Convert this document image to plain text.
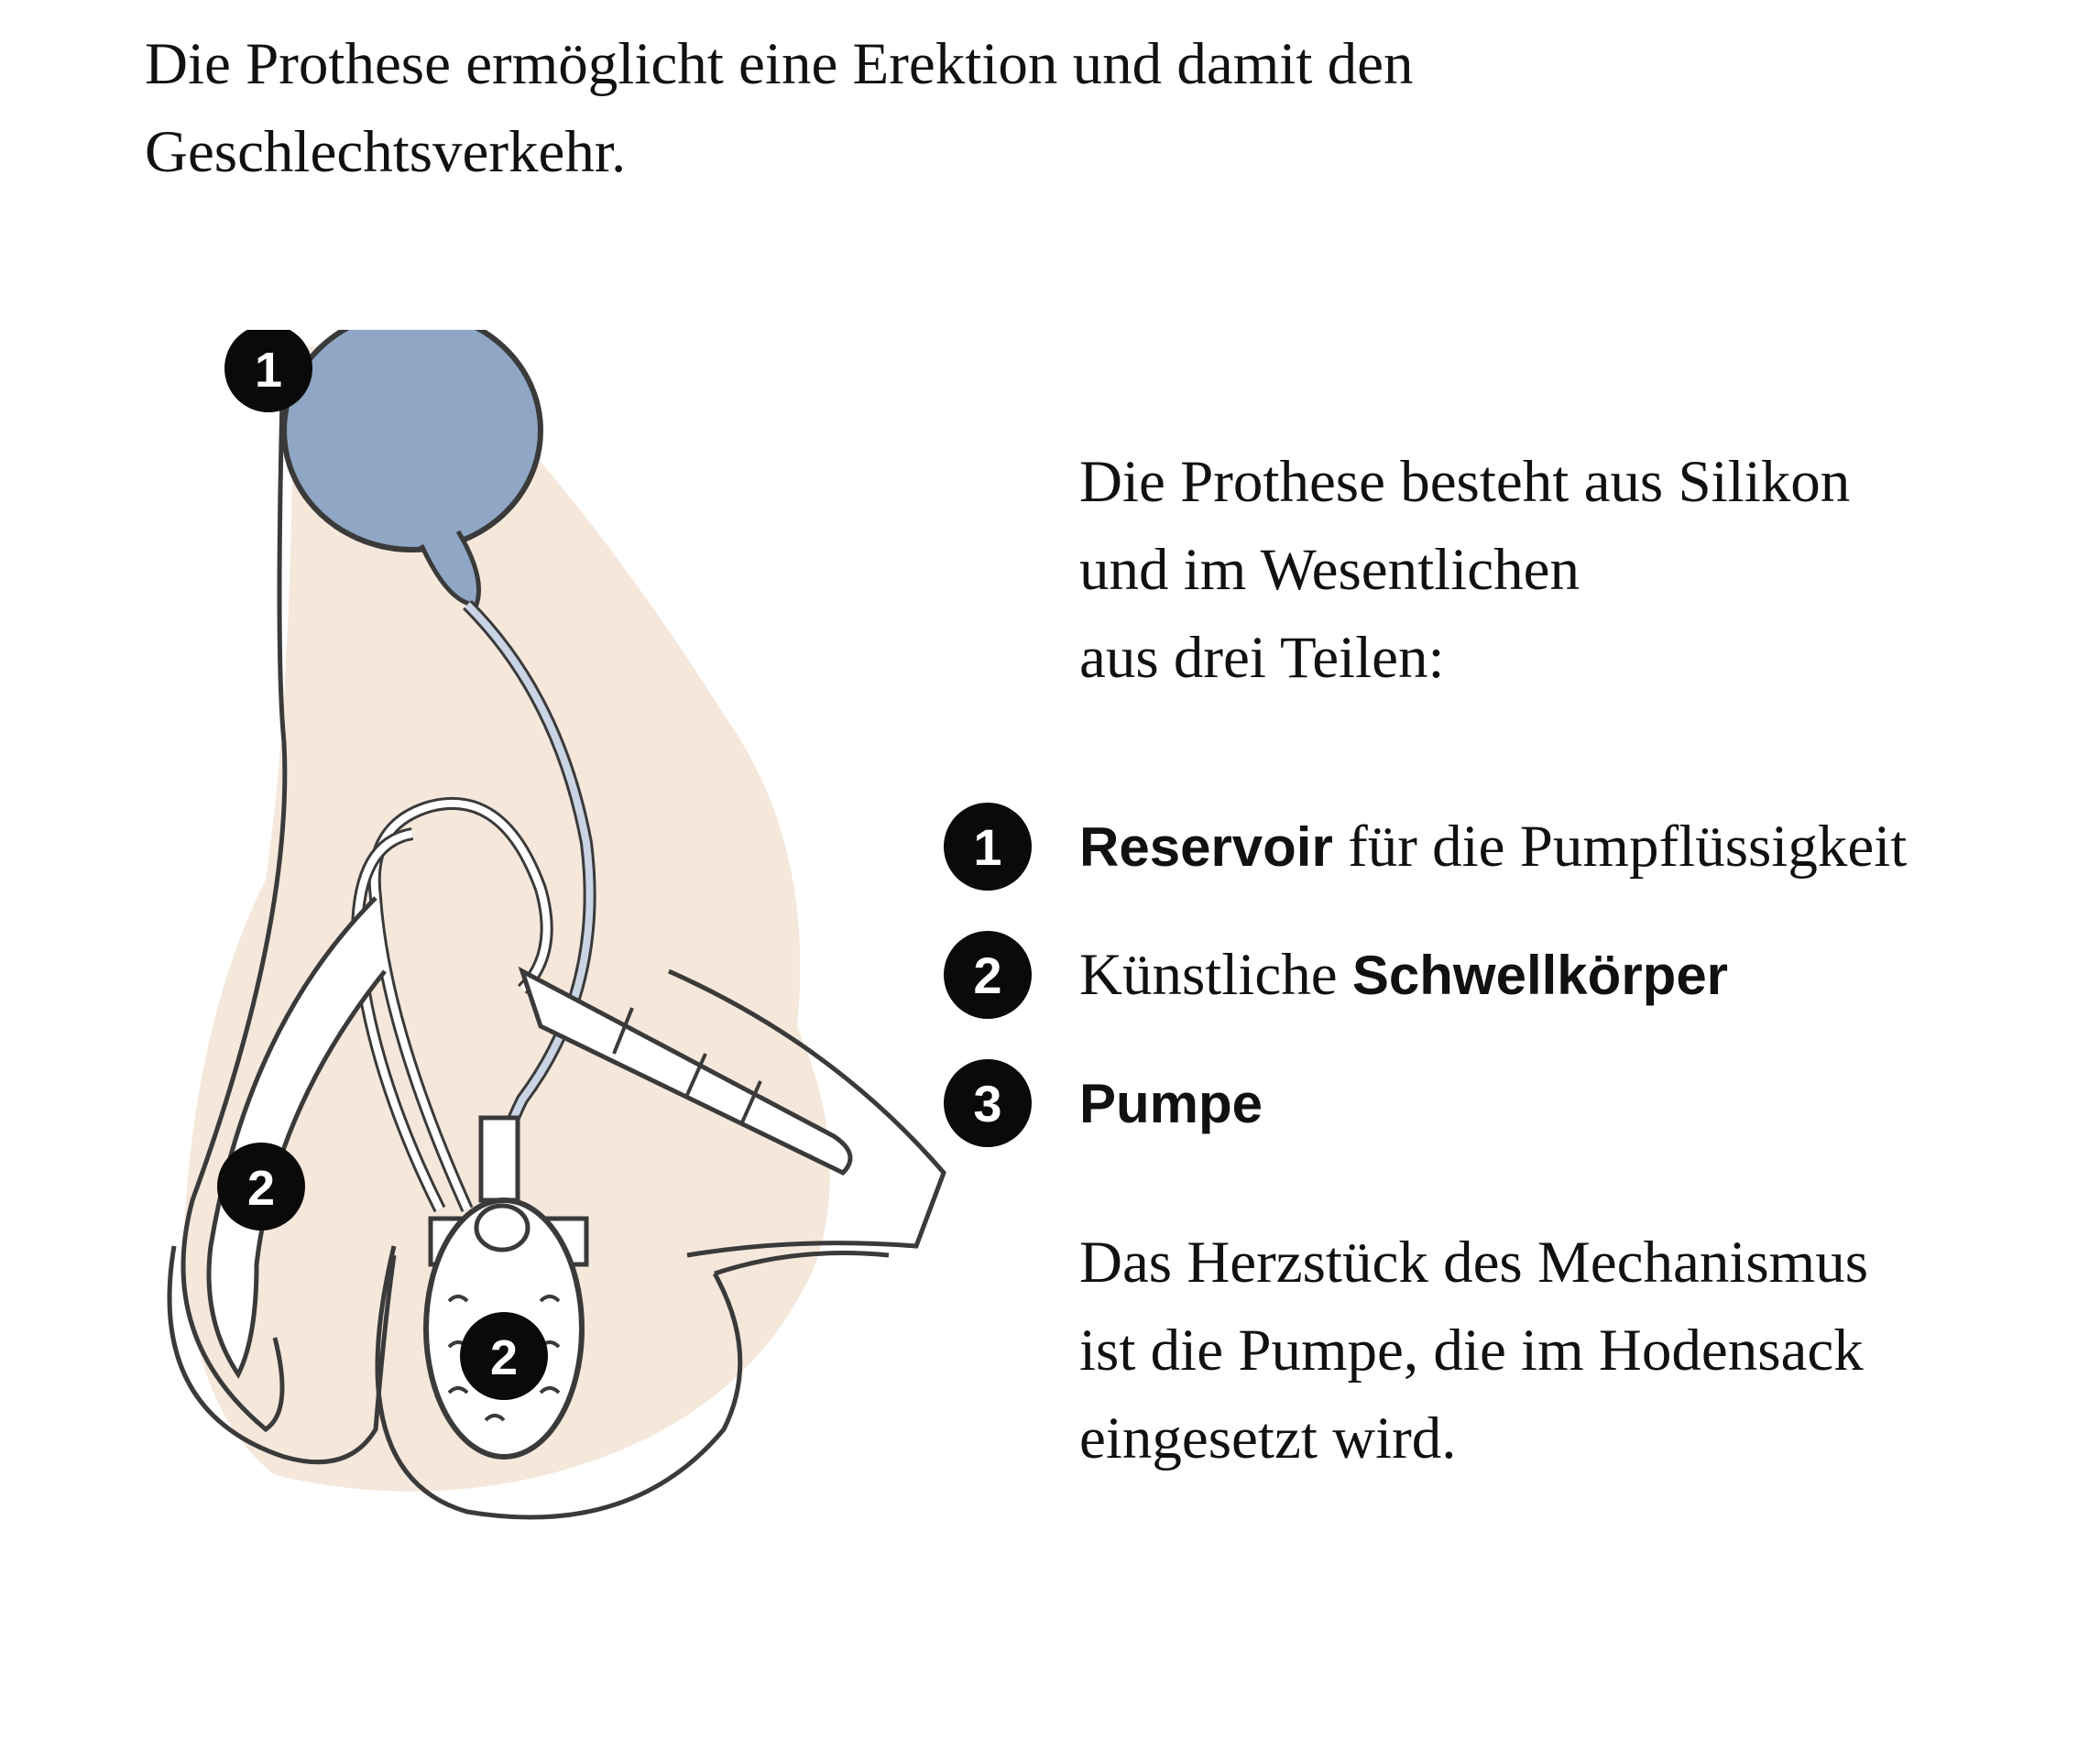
Die Prothese ermöglicht eine Erektion und damit den
Geschlechtsverkehr.

1
2
2

Die Prothese besteht aus Silikon
und im Wesentlichen
aus drei Teilen:

1	Reservoir für die Pumpflüssigkeit
2	Künstliche Schwellkörper
3	Pumpe

Das Herzstück des Mechanismus
ist die Pumpe, die im Hodensack
eingesetzt wird.
